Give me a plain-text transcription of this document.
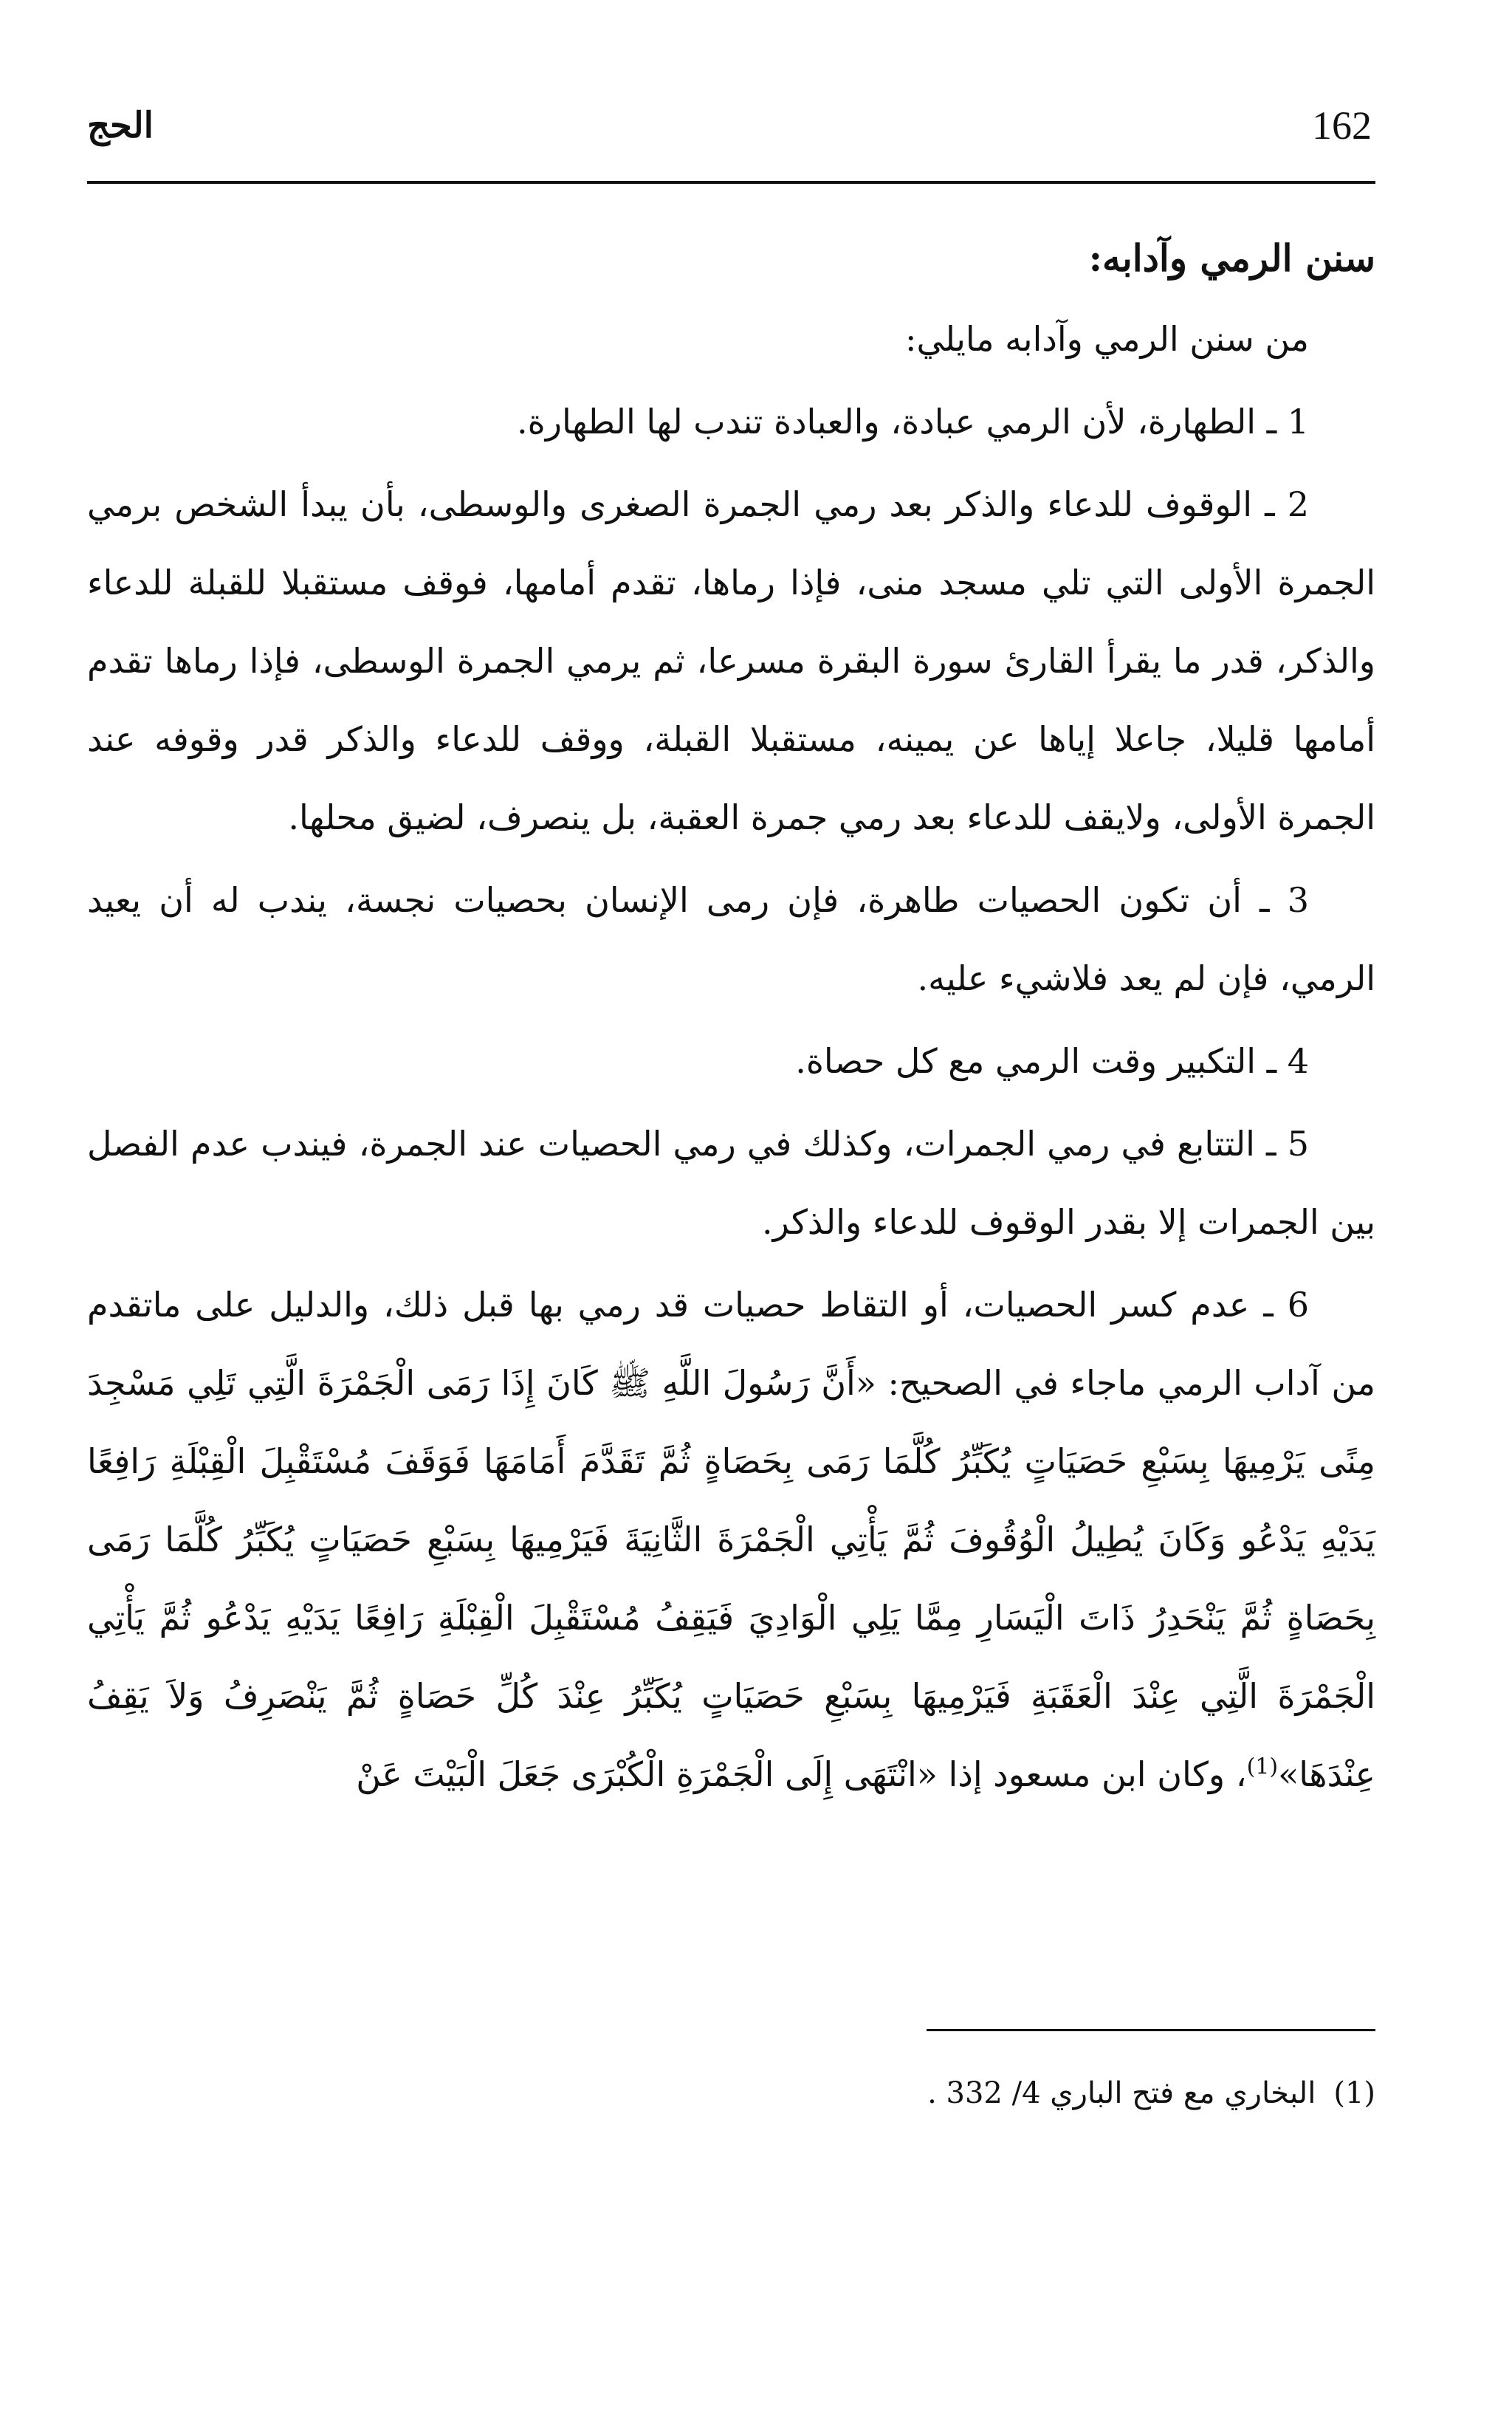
162
الحج
سنن الرمي وآدابه:

من سنن الرمي وآدابه مايلي:

1 ـ الطهارة، لأن الرمي عبادة، والعبادة تندب لها الطهارة.

2 ـ الوقوف للدعاء والذكر بعد رمي الجمرة الصغرى والوسطى، بأن يبدأ الشخص برمي الجمرة الأولى التي تلي مسجد منى، فإذا رماها، تقدم أمامها، فوقف مستقبلا للقبلة للدعاء والذكر، قدر ما يقرأ القارئ سورة البقرة مسرعا، ثم يرمي الجمرة الوسطى، فإذا رماها تقدم أمامها قليلا، جاعلا إياها عن يمينه، مستقبلا القبلة، ووقف للدعاء والذكر قدر وقوفه عند الجمرة الأولى، ولايقف للدعاء بعد رمي جمرة العقبة، بل ينصرف، لضيق محلها.

3 ـ أن تكون الحصيات طاهرة، فإن رمى الإنسان بحصيات نجسة، يندب له أن يعيد الرمي، فإن لم يعد فلاشيء عليه.

4 ـ التكبير وقت الرمي مع كل حصاة.

5 ـ التتابع في رمي الجمرات، وكذلك في رمي الحصيات عند الجمرة، فيندب عدم الفصل بين الجمرات إلا بقدر الوقوف للدعاء والذكر.

6 ـ عدم كسر الحصيات، أو التقاط حصيات قد رمي بها قبل ذلك، والدليل على ماتقدم من آداب الرمي ماجاء في الصحيح: «أَنَّ رَسُولَ اللَّهِ ﷺ كَانَ إِذَا رَمَى الْجَمْرَةَ الَّتِي تَلِي مَسْجِدَ مِنًى يَرْمِيهَا بِسَبْعِ حَصَيَاتٍ يُكَبِّرُ كُلَّمَا رَمَى بِحَصَاةٍ ثُمَّ تَقَدَّمَ أَمَامَهَا فَوَقَفَ مُسْتَقْبِلَ الْقِبْلَةِ رَافِعًا يَدَيْهِ يَدْعُو وَكَانَ يُطِيلُ الْوُقُوفَ ثُمَّ يَأْتِي الْجَمْرَةَ الثَّانِيَةَ فَيَرْمِيهَا بِسَبْعِ حَصَيَاتٍ يُكَبِّرُ كُلَّمَا رَمَى بِحَصَاةٍ ثُمَّ يَنْحَدِرُ ذَاتَ الْيَسَارِ مِمَّا يَلِي الْوَادِيَ فَيَقِفُ مُسْتَقْبِلَ الْقِبْلَةِ رَافِعًا يَدَيْهِ يَدْعُو ثُمَّ يَأْتِي الْجَمْرَةَ الَّتِي عِنْدَ الْعَقَبَةِ فَيَرْمِيهَا بِسَبْعِ حَصَيَاتٍ يُكَبِّرُ عِنْدَ كُلِّ حَصَاةٍ ثُمَّ يَنْصَرِفُ وَلاَ يَقِفُ عِنْدَهَا»$^{(1)}$، وكان ابن مسعود إذا «انْتَهَى إِلَى الْجَمْرَةِ الْكُبْرَى جَعَلَ الْبَيْتَ عَنْ

(1)البخاري مع فتح الباري 4/ 332 .
